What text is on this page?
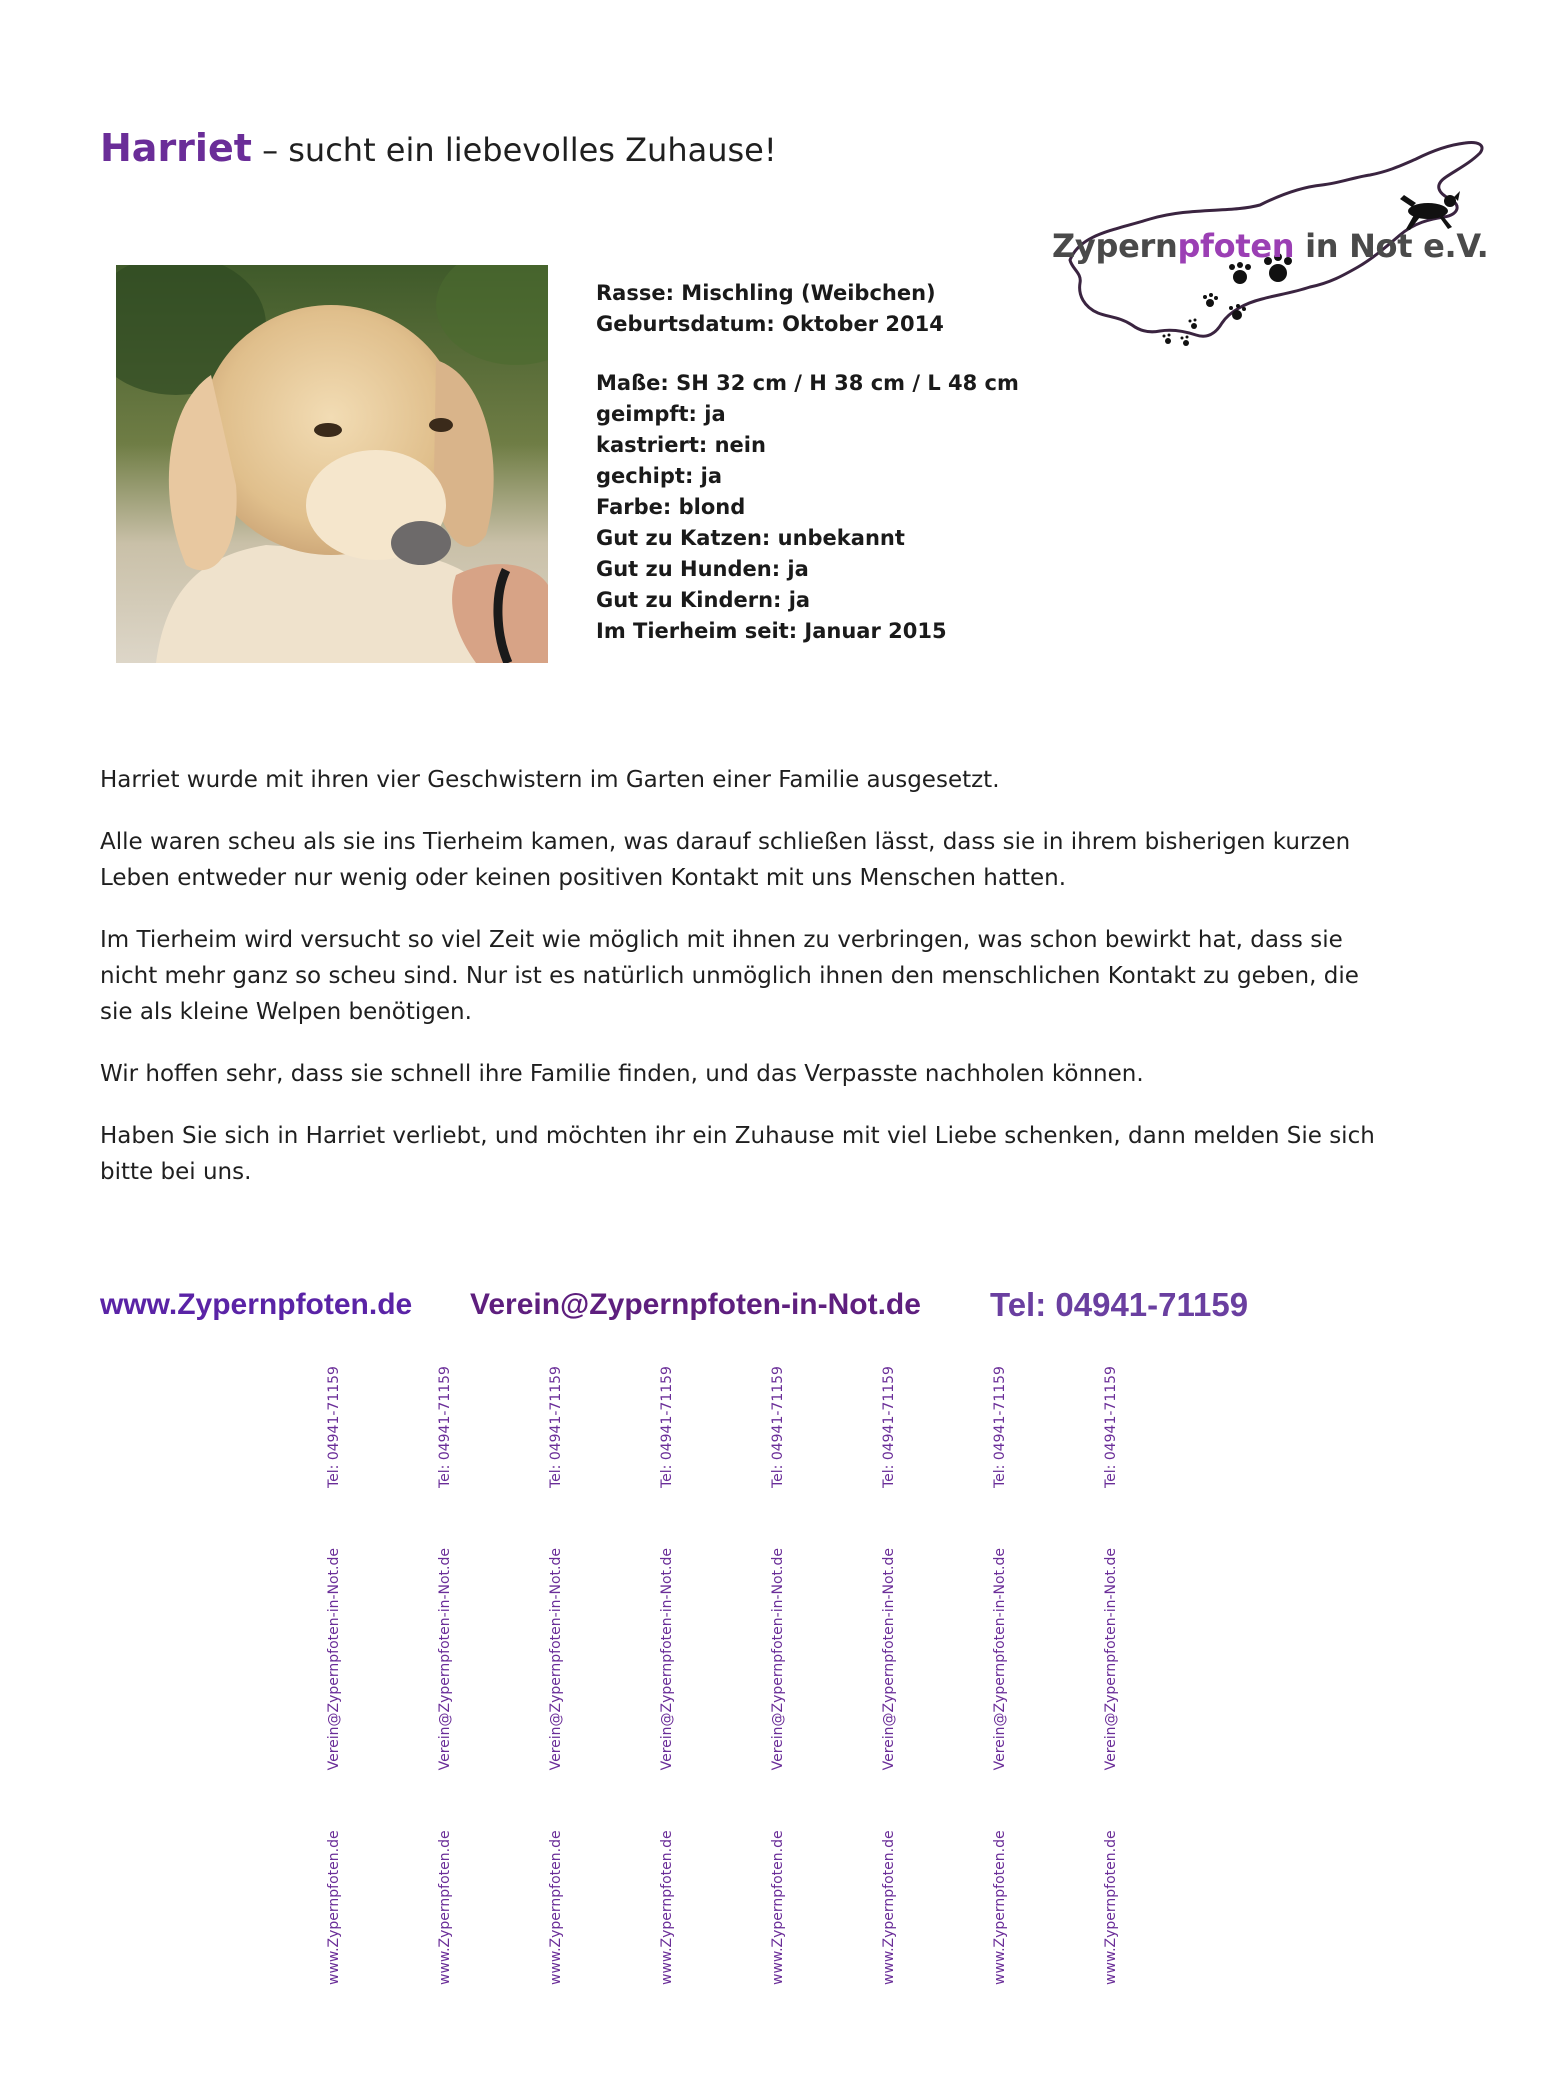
Harriet – sucht ein liebevolles Zuhause!
Zypernpfoten in Not e.V.
Rasse: Mischling (Weibchen)
Geburtsdatum: Oktober 2014
Maße: SH 32 cm / H 38 cm / L 48 cm
geimpft: ja
kastriert: nein
gechipt: ja
Farbe: blond
Gut zu Katzen: unbekannt
Gut zu Hunden: ja
Gut zu Kindern: ja
Im Tierheim seit: Januar 2015

Harriet wurde mit ihren vier Geschwistern im Garten einer Familie ausgesetzt.

Alle waren scheu als sie ins Tierheim kamen, was darauf schließen lässt, dass sie in ihrem bisherigen kurzen Leben entweder nur wenig oder keinen positiven Kontakt mit uns Menschen hatten.

Im Tierheim wird versucht so viel Zeit wie möglich mit ihnen zu verbringen, was schon bewirkt hat, dass sie nicht mehr ganz so scheu sind. Nur ist es natürlich unmöglich ihnen den menschlichen Kontakt zu geben, die sie als kleine Welpen benötigen.

Wir hoffen sehr, dass sie schnell ihre Familie finden, und das Verpasste nachholen können.

Haben Sie sich in Harriet verliebt, und möchten ihr ein Zuhause mit viel Liebe schenken, dann melden Sie sich bitte bei uns.

www.Zypernpfoten.de Verein@Zypernpfoten-in-Not.de Tel: 04941-71159
www.Zypernpfoten.deVerein@Zypernpfoten-in-Not.deTel: 04941-71159
www.Zypernpfoten.deVerein@Zypernpfoten-in-Not.deTel: 04941-71159
www.Zypernpfoten.deVerein@Zypernpfoten-in-Not.deTel: 04941-71159
www.Zypernpfoten.deVerein@Zypernpfoten-in-Not.deTel: 04941-71159
www.Zypernpfoten.deVerein@Zypernpfoten-in-Not.deTel: 04941-71159
www.Zypernpfoten.deVerein@Zypernpfoten-in-Not.deTel: 04941-71159
www.Zypernpfoten.deVerein@Zypernpfoten-in-Not.deTel: 04941-71159
www.Zypernpfoten.deVerein@Zypernpfoten-in-Not.deTel: 04941-71159
